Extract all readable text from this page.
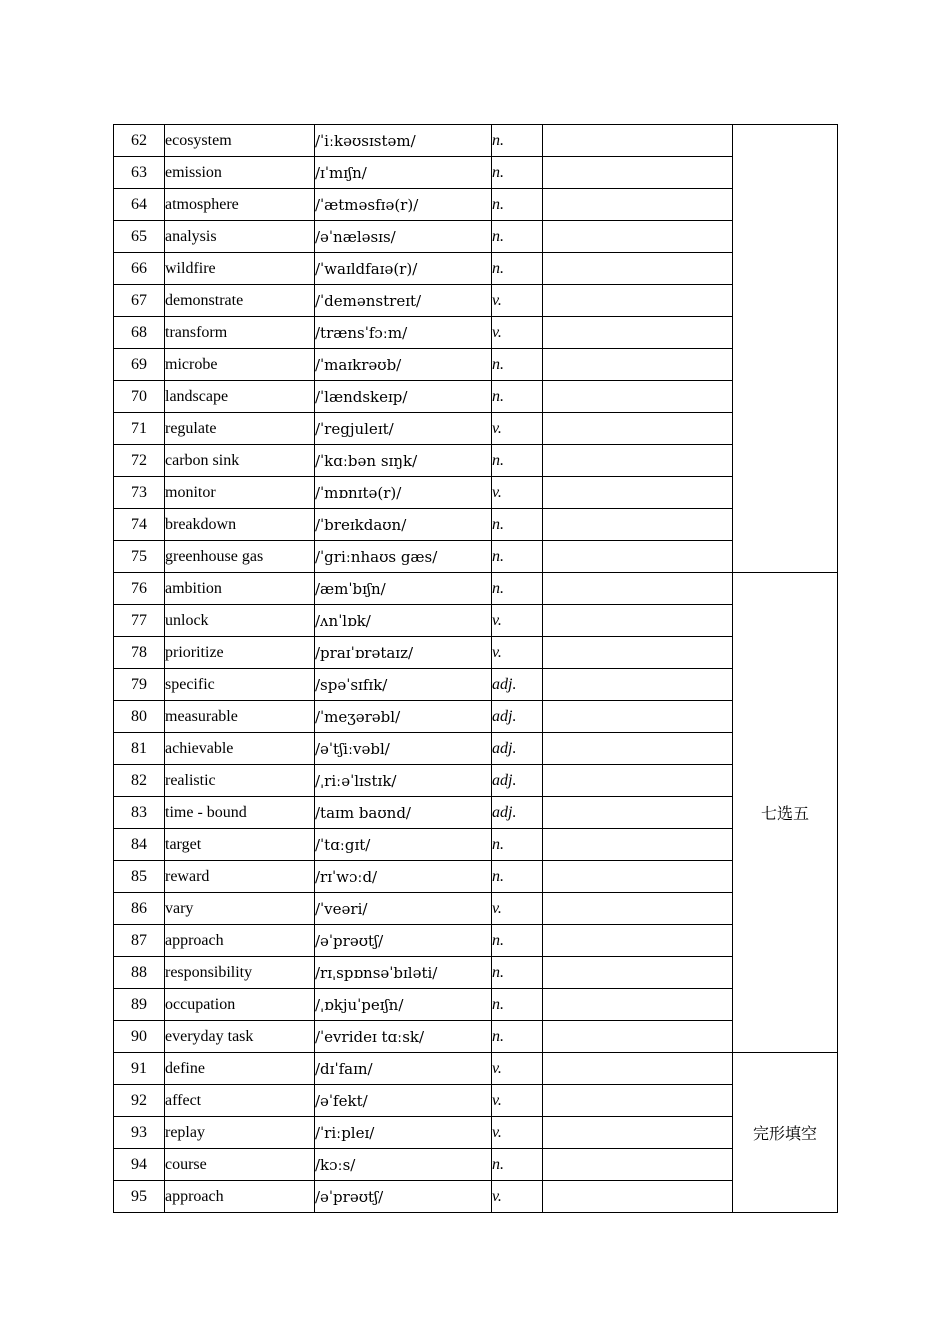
62	ecosystem	/ˈiːkəʊsɪstəm/	n.		
63	emission	/ɪˈmɪʃn/	n.		
64	atmosphere	/ˈætməsfɪə(r)/	n.		
65	analysis	/əˈnæləsɪs/	n.		
66	wildfire	/ˈwaɪldfaɪə(r)/	n.		
67	demonstrate	/ˈdemənstreɪt/	v.		
68	transform	/trænsˈfɔːm/	v.		
69	microbe	/ˈmaɪkrəʊb/	n.		
70	landscape	/ˈlændskeɪp/	n.		
71	regulate	/ˈregjuleɪt/	v.		
72	carbon sink	/ˈkɑːbən sɪŋk/	n.		
73	monitor	/ˈmɒnɪtə(r)/	v.		
74	breakdown	/ˈbreɪkdaʊn/	n.		
75	greenhouse gas	/ˈgriːnhaʊs gæs/	n.		
76	ambition	/æmˈbɪʃn/	n.		七选五
77	unlock	/ʌnˈlɒk/	v.		
78	prioritize	/praɪˈɒrətaɪz/	v.		
79	specific	/spəˈsɪfɪk/	adj.		
80	measurable	/ˈmeʒərəbl/	adj.		
81	achievable	/əˈtʃiːvəbl/	adj.		
82	realistic	/ˌriːəˈlɪstɪk/	adj.		
83	time - bound	/taɪm baʊnd/	adj.		
84	target	/ˈtɑːgɪt/	n.		
85	reward	/rɪˈwɔːd/	n.		
86	vary	/ˈveəri/	v.		
87	approach	/əˈprəʊtʃ/	n.		
88	responsibility	/rɪˌspɒnsəˈbɪləti/	n.		
89	occupation	/ˌɒkjuˈpeɪʃn/	n.		
90	everyday task	/ˈevrideɪ tɑːsk/	n.		
91	define	/dɪˈfaɪn/	v.		完形填空
92	affect	/əˈfekt/	v.		
93	replay	/ˈriːpleɪ/	v.		
94	course	/kɔːs/	n.		
95	approach	/əˈprəʊtʃ/	v.		
